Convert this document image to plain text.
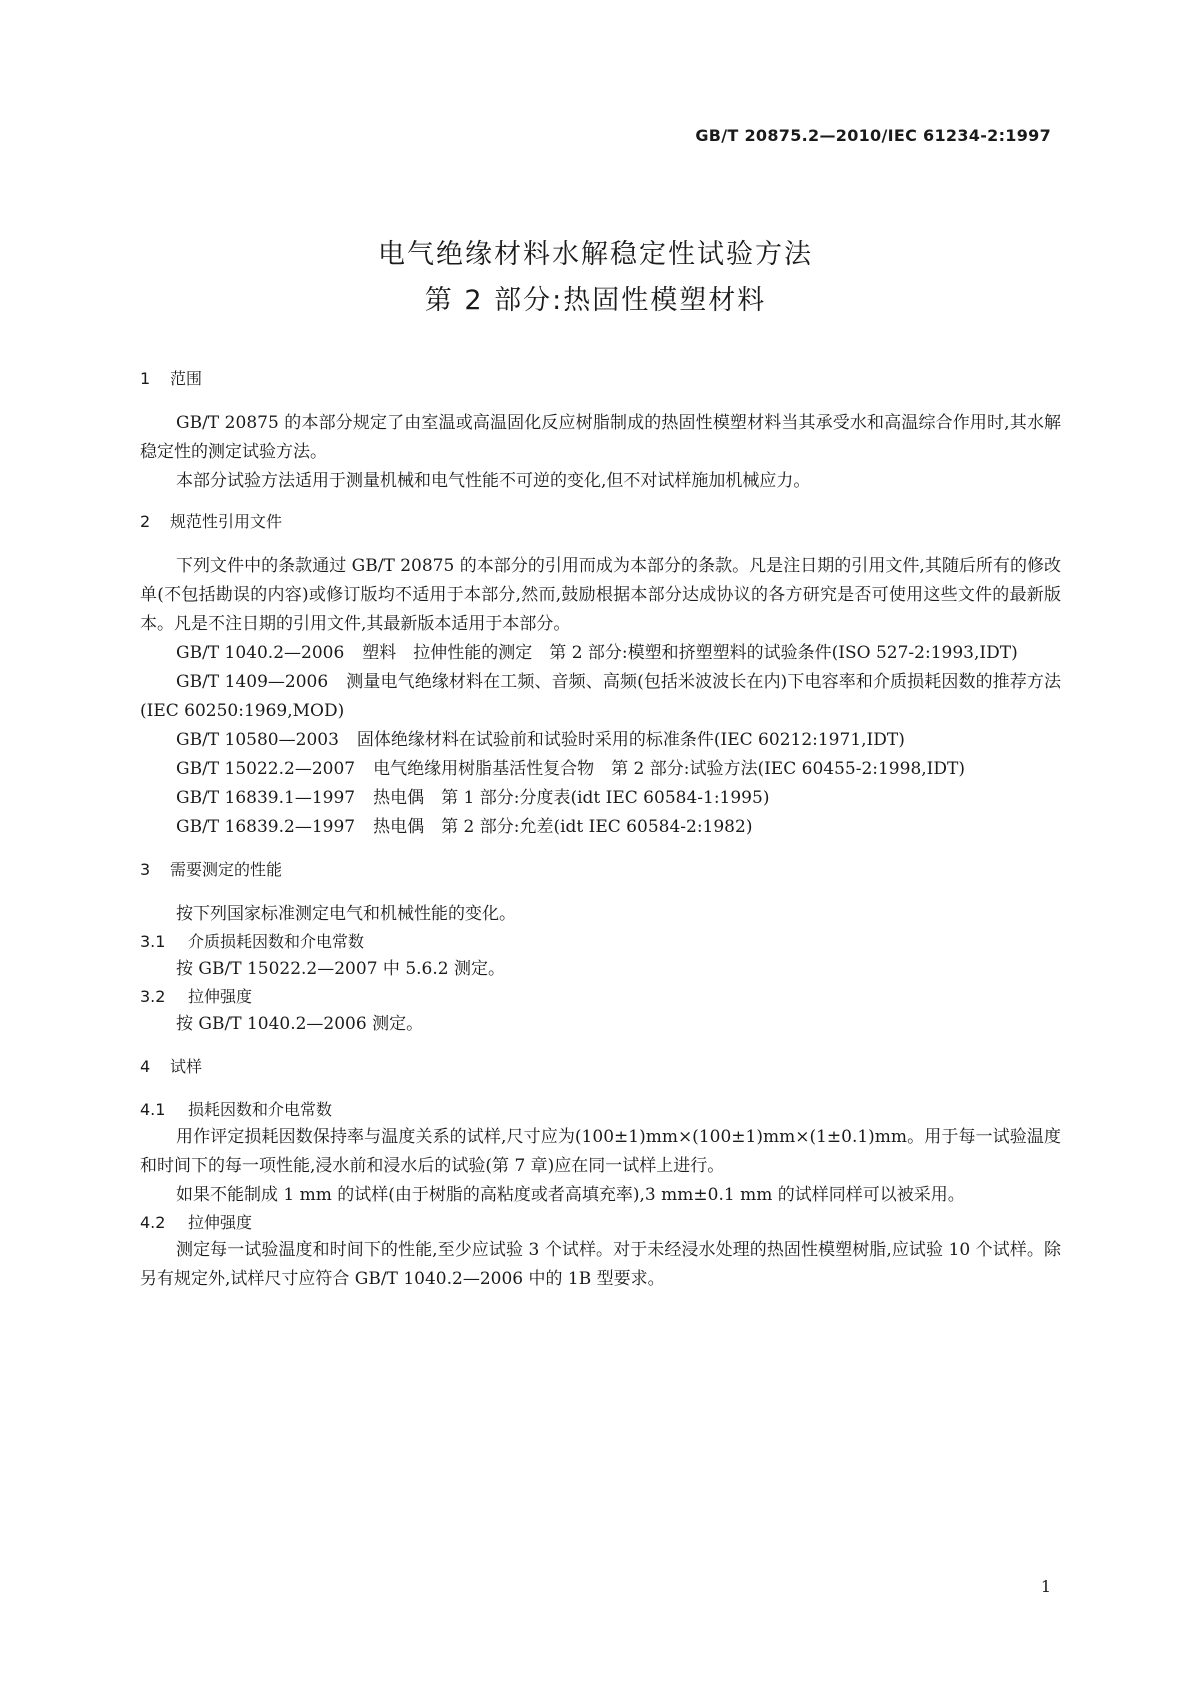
GB/T 20875.2—2010/IEC 61234-2:1997
电气绝缘材料水解稳定性试验方法
第 2 部分:热固性模塑材料
1	范围

GB/T 20875 的本部分规定了由室温或高温固化反应树脂制成的热固性模塑材料当其承受水和高温综合作用时,其水解稳定性的测定试验方法。

本部分试验方法适用于测量机械和电气性能不可逆的变化,但不对试样施加机械应力。

2	规范性引用文件

下列文件中的条款通过 GB/T 20875 的本部分的引用而成为本部分的条款。凡是注日期的引用文件,其随后所有的修改单(不包括勘误的内容)或修订版均不适用于本部分,然而,鼓励根据本部分达成协议的各方研究是否可使用这些文件的最新版本。凡是不注日期的引用文件,其最新版本适用于本部分。

GB/T 1040.2—2006 塑料　拉伸性能的测定　第 2 部分:模塑和挤塑塑料的试验条件(ISO 527-2:1993,IDT)

GB/T 1409—2006 测量电气绝缘材料在工频、音频、高频(包括米波波长在内)下电容率和介质损耗因数的推荐方法(IEC 60250:1969,MOD)

GB/T 10580—2003 固体绝缘材料在试验前和试验时采用的标准条件(IEC 60212:1971,IDT)

GB/T 15022.2—2007 电气绝缘用树脂基活性复合物　第 2 部分:试验方法(IEC 60455-2:1998,IDT)

GB/T 16839.1—1997 热电偶　第 1 部分:分度表(idt IEC 60584-1:1995)

GB/T 16839.2—1997 热电偶　第 2 部分:允差(idt IEC 60584-2:1982)

3	需要测定的性能

按下列国家标准测定电气和机械性能的变化。

3.1	介质损耗因数和介电常数

按 GB/T 15022.2—2007 中 5.6.2 测定。

3.2	拉伸强度

按 GB/T 1040.2—2006 测定。

4	试样
4.1	损耗因数和介电常数

用作评定损耗因数保持率与温度关系的试样,尺寸应为(100±1)mm×(100±1)mm×(1±0.1)mm。用于每一试验温度和时间下的每一项性能,浸水前和浸水后的试验(第 7 章)应在同一试样上进行。

如果不能制成 1 mm 的试样(由于树脂的高粘度或者高填充率),3 mm±0.1 mm 的试样同样可以被采用。

4.2	拉伸强度

测定每一试验温度和时间下的性能,至少应试验 3 个试样。对于未经浸水处理的热固性模塑树脂,应试验 10 个试样。除另有规定外,试样尺寸应符合 GB/T 1040.2—2006 中的 1B 型要求。

1
